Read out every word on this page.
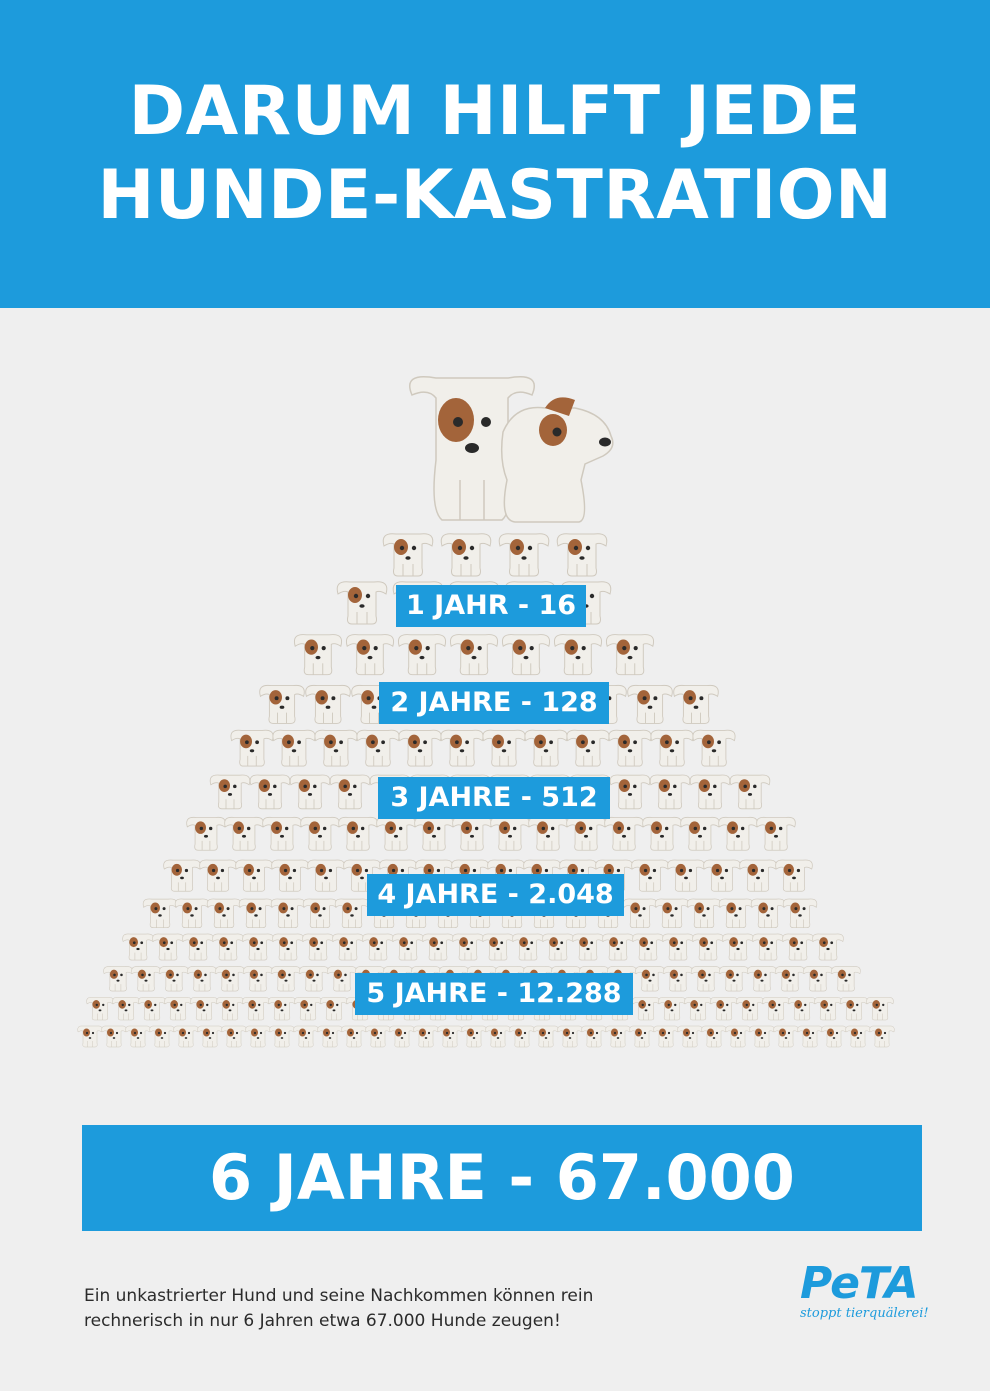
DARUM HILFT JEDE
HUNDE-KASTRATION
1 JAHR - 16
2 JAHRE - 128
3 JAHRE - 512
4 JAHRE - 2.048
5 JAHRE - 12.288
6 JAHRE - 67.000
Ein unkastrierter Hund und seine Nachkommen können rein
rechnerisch in nur 6 Jahren etwa 67.000 Hunde zeugen!
PeTA
stoppt tierquälerei!
